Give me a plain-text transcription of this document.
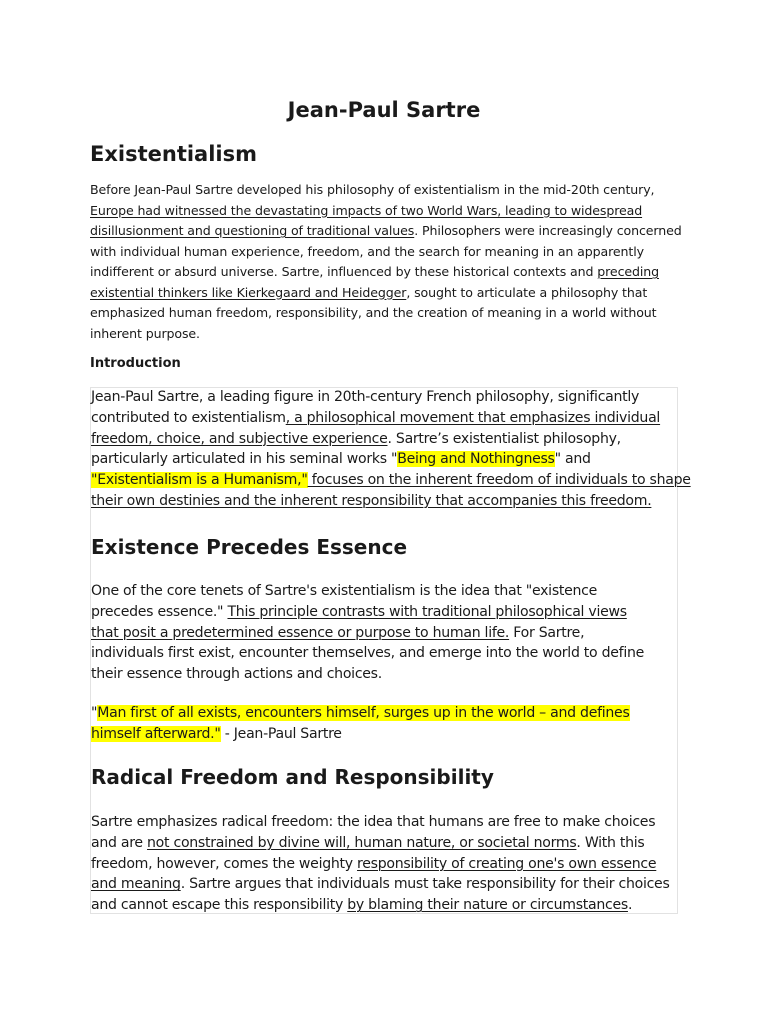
Jean-Paul Sartre
Existentialism

Before Jean-Paul Sartre developed his philosophy of existentialism in the mid-20th century, Europe had witnessed the devastating impacts of two World Wars, leading to widespread disillusionment and questioning of traditional values. Philosophers were increasingly concerned with individual human experience, freedom, and the search for meaning in an apparently indifferent or absurd universe. Sartre, influenced by these historical contexts and preceding existential thinkers like Kierkegaard and Heidegger, sought to articulate a philosophy that emphasized human freedom, responsibility, and the creation of meaning in a world without inherent purpose.

Introduction

Jean-Paul Sartre, a leading figure in 20th-century French philosophy, significantly contributed to existentialism, a philosophical movement that emphasizes individual freedom, choice, and subjective experience. Sartre’s existentialist philosophy, particularly articulated in his seminal works "Being and Nothingness" and "Existentialism is a Humanism," focuses on the inherent freedom of individuals to shape their own destinies and the inherent responsibility that accompanies this freedom.

Existence Precedes Essence

One of the core tenets of Sartre's existentialism is the idea that "existence precedes essence." This principle contrasts with traditional philosophical views that posit a predetermined essence or purpose to human life. For Sartre, individuals first exist, encounter themselves, and emerge into the world to define their essence through actions and choices.

"Man first of all exists, encounters himself, surges up in the world – and defines himself afterward." - Jean-Paul Sartre

Radical Freedom and Responsibility

Sartre emphasizes radical freedom: the idea that humans are free to make choices and are not constrained by divine will, human nature, or societal norms. With this freedom, however, comes the weighty responsibility of creating one's own essence and meaning. Sartre argues that individuals must take responsibility for their choices and cannot escape this responsibility by blaming their nature or circumstances.
